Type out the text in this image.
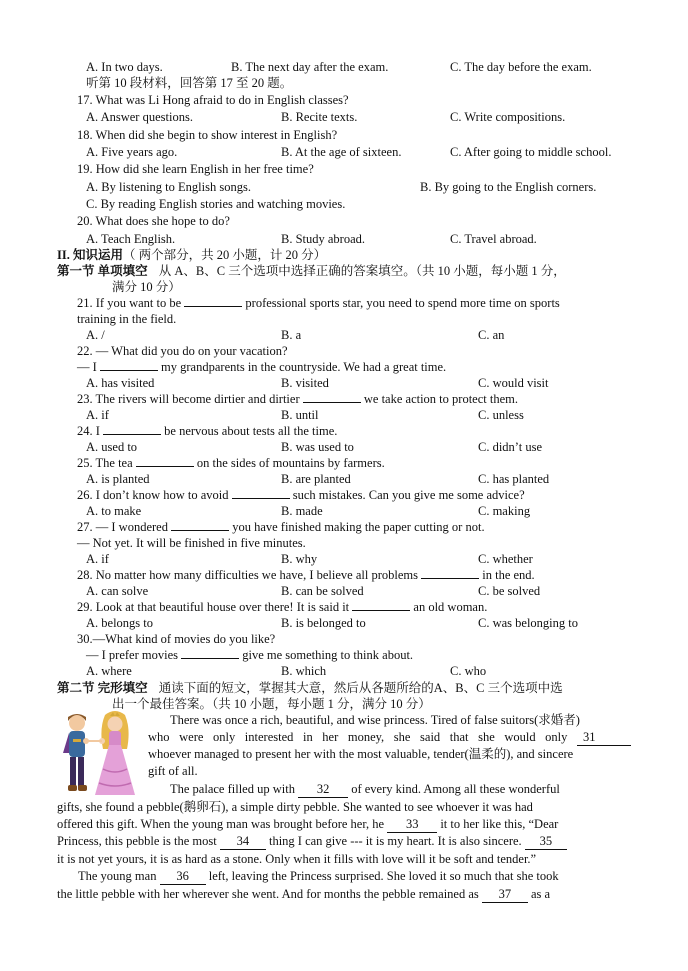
A. In two days.	B. The next day after the exam.	C. The day before the exam.
听第 10 段材料，回答第 17 至 20 题。
17. What was Li Hong afraid to do in English classes?
A. Answer questions.	B. Recite texts.	C. Write compositions.
18. When did she begin to show interest in English?
A. Five years ago.	B. At the age of sixteen.	C. After going to middle school.
19. How did she learn English in her free time?
A. By listening to English songs.	B. By going to the English corners.
C. By reading English stories and watching movies.
20. What does she hope to do?
A. Teach English.	B. Study abroad.	C. Travel abroad.
II. 知识运用（ 两个部分，共 20 小题，计 20 分）
第一节 单项填空 从 A、B、C 三个选项中选择正确的答案填空。（共 10 小题，每小题 1 分，
满分 10 分）
21. If you want to be	professional sports star, you need to spend more time on sports
training in the field.
A. /	B. a	C. an
22. — What did you do on your vacation?
— I	my grandparents in the countryside. We had a great time.
A. has visited	B. visited	C. would visit
23. The rivers will become dirtier and dirtier	we take action to protect them.
A. if	B. until	C. unless
24. I	be nervous about tests all the time.
A. used to	B. was used to	C. didn’t use
25. The tea	on the sides of mountains by farmers.
A. is planted	B. are planted	C. has planted
26. I don’t know how to avoid	such mistakes. Can you give me some advice?
A. to make	B. made	C. making
27. — I wondered	you have finished making the paper cutting or not.
— Not yet. It will be finished in five minutes.
A. if	B. why	C. whether
28. No matter how many difficulties we have, I believe all problems	in the end.
A. can solve	B. can be solved	C. be solved
29. Look at that beautiful house over there! It is said it	an old woman.
A. belongs to	B. is belonged to	C. was belonging to
30.—What kind of movies do you like?
— I prefer movies	give me something to think about.
A. where	B. which	C. who
第二节 完形填空 通读下面的短文，掌握其大意，然后从各题所给的A、B、C 三个选项中选
出一个最佳答案。（共 10 小题，每小题 1 分，满分 10 分）
There was once a rich, beautiful, and wise princess. Tired of false suitors(求婚者)
who were only interested in her money, she said that she would only 31
whoever managed to present her with the most valuable, tender(温柔的), and sincere
gift of all.
The palace filled up with 32 of every kind. Among all these wonderful
gifts, she found a pebble(鹅卵石), a simple dirty pebble. She wanted to see whoever it was had
offered this gift. When the young man was brought before her, he 33 it to her like this, “Dear
Princess, this pebble is the most 34 thing I can give --- it is my heart. It is also sincere. 35
it is not yet yours, it is as hard as a stone. Only when it fills with love will it be soft and tender.”
The young man 36 left, leaving the Princess surprised. She loved it so much that she took
the little pebble with her wherever she went. And for months the pebble remained as 37 as a
